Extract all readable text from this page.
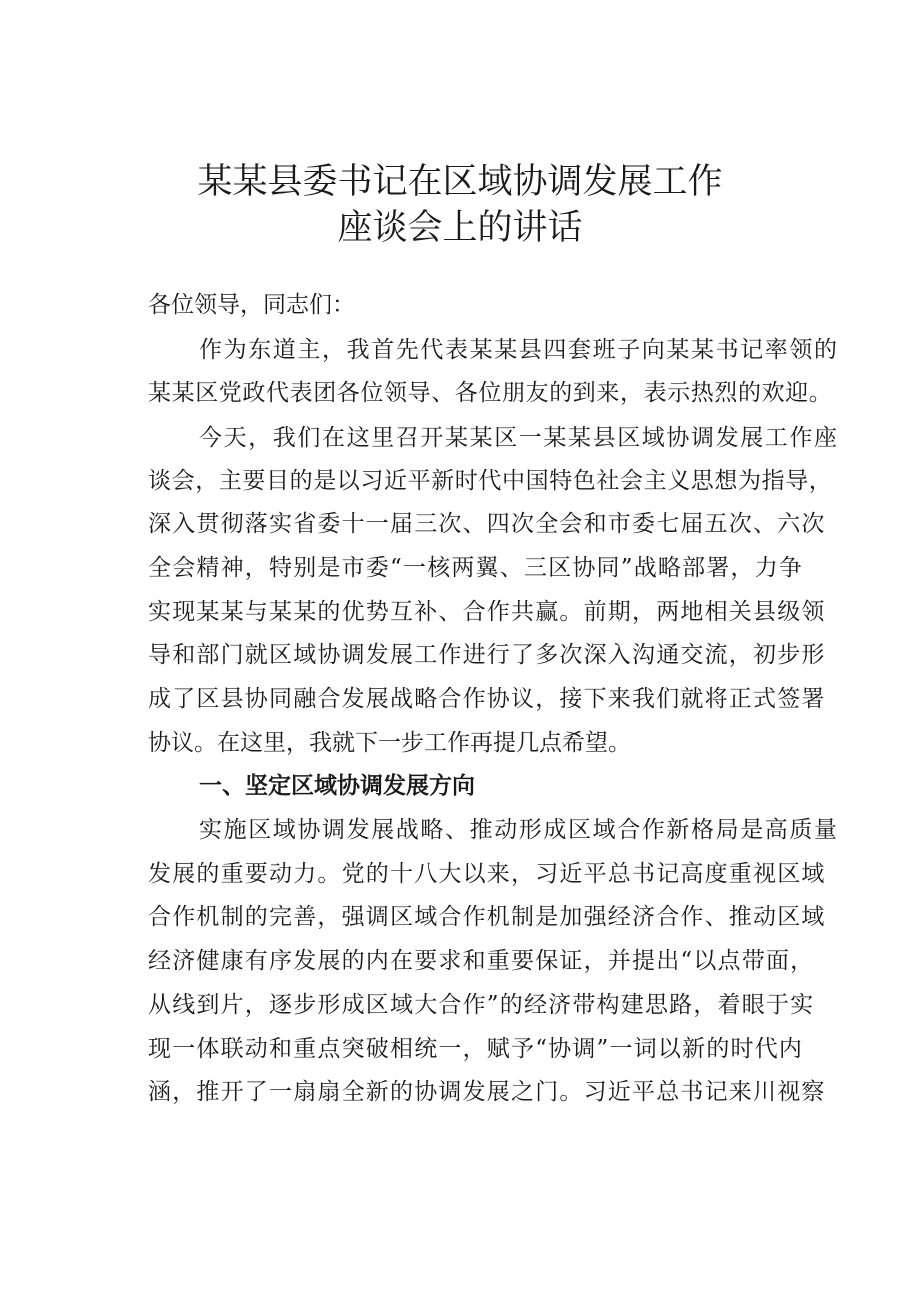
某某县委书记在区域协调发展工作
座谈会上的讲话

各位领导，同志们：

作为东道主，我首先代表某某县四套班子向某某书记率领的

某某区党政代表团各位领导、各位朋友的到来，表示热烈的欢迎。

今天，我们在这里召开某某区一某某县区域协调发展工作座

谈会，主要目的是以习近平新时代中国特色社会主义思想为指导，

深入贯彻落实省委十一届三次、四次全会和市委七届五次、六次

全会精神，特别是市委“一核两翼、三区协同”战略部署，力争

实现某某与某某的优势互补、合作共赢。前期，两地相关县级领

导和部门就区域协调发展工作进行了多次深入沟通交流，初步形

成了区县协同融合发展战略合作协议，接下来我们就将正式签署

协议。在这里，我就下一步工作再提几点希望。

一、坚定区域协调发展方向

实施区域协调发展战略、推动形成区域合作新格局是高质量

发展的重要动力。党的十八大以来，习近平总书记高度重视区域

合作机制的完善，强调区域合作机制是加强经济合作、推动区域

经济健康有序发展的内在要求和重要保证，并提出“以点带面，

从线到片，逐步形成区域大合作”的经济带构建思路，着眼于实

现一体联动和重点突破相统一，赋予“协调”一词以新的时代内

涵，推开了一扇扇全新的协调发展之门。习近平总书记来川视察
